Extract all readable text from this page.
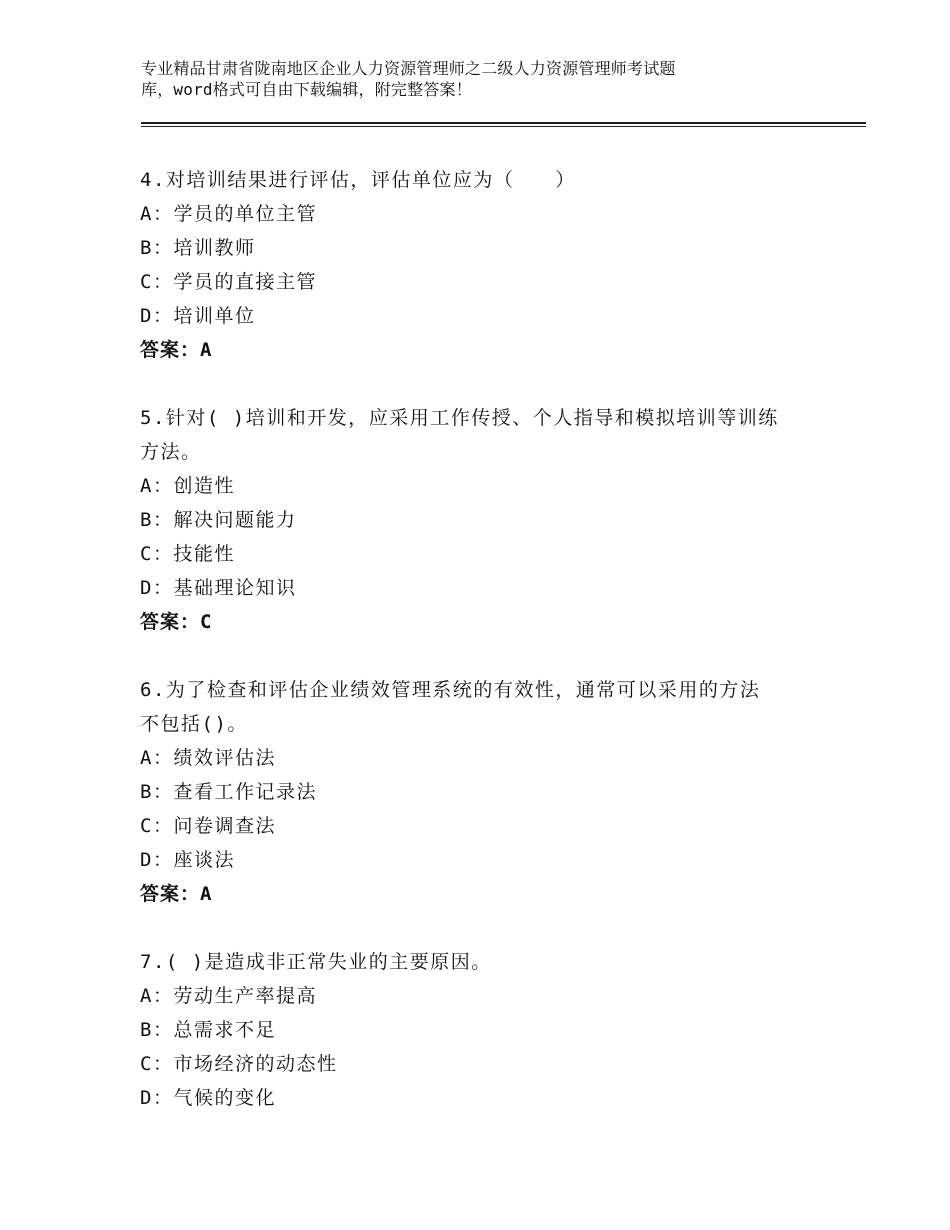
专业精品甘肃省陇南地区企业人力资源管理师之二级人力资源管理师考试题
库，word格式可自由下载编辑，附完整答案！
4.对培训结果进行评估，评估单位应为（　　）
A：学员的单位主管
B：培训教师
C：学员的直接主管
D：培训单位
答案：A
5.针对( )培训和开发，应采用工作传授、个人指导和模拟培训等训练
方法。
A：创造性
B：解决问题能力
C：技能性
D：基础理论知识
答案：C
6.为了检查和评估企业绩效管理系统的有效性，通常可以采用的方法
不包括()。
A：绩效评估法
B：查看工作记录法
C：问卷调查法
D：座谈法
答案：A
7.( )是造成非正常失业的主要原因。
A：劳动生产率提高
B：总需求不足
C：市场经济的动态性
D：气候的变化
